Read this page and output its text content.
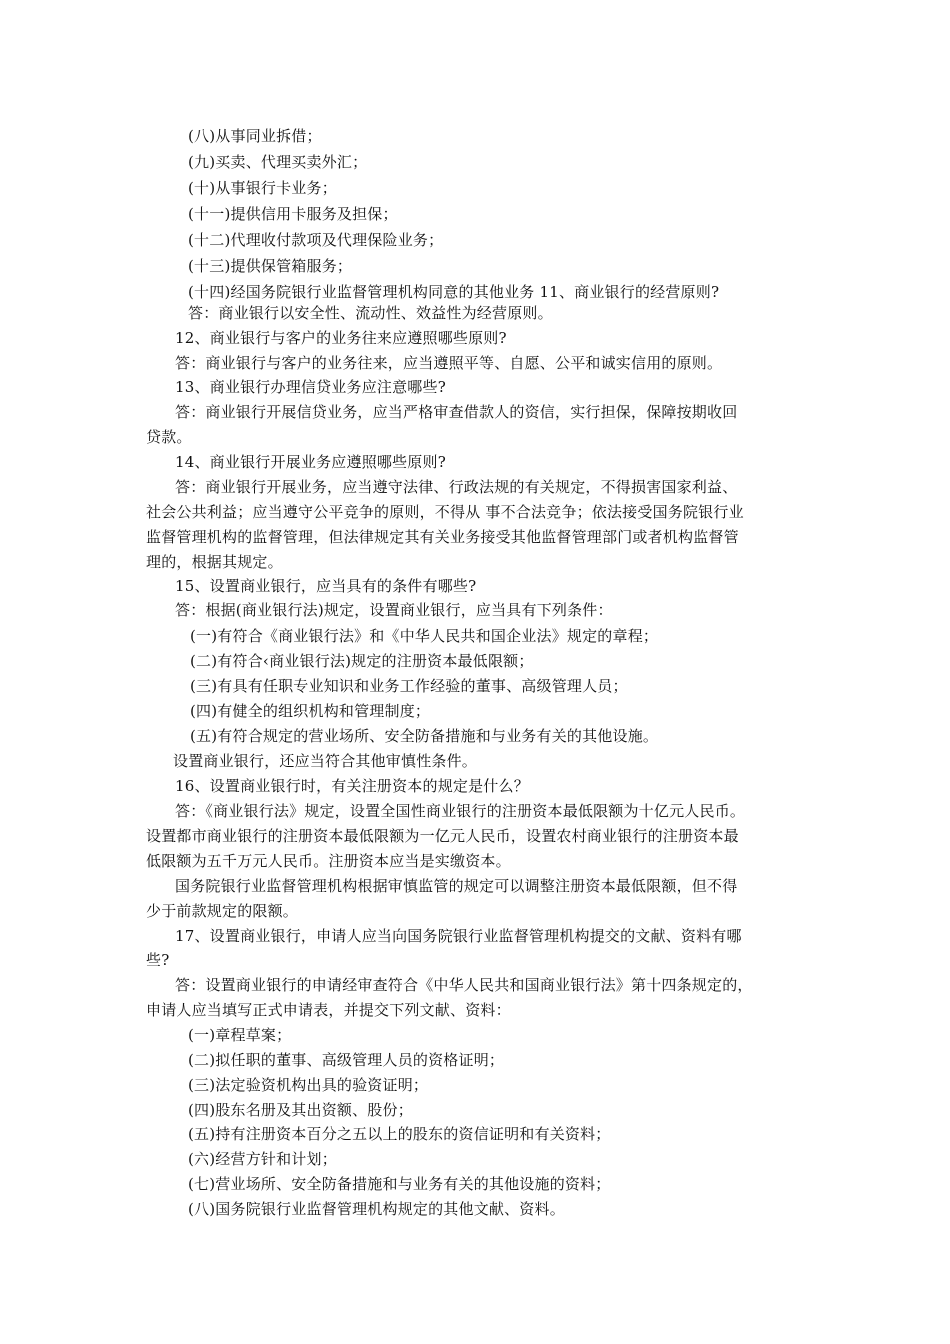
(八)从事同业拆借；
(九)买卖、代理买卖外汇；
(十)从事银行卡业务；
(十一)提供信用卡服务及担保；
(十二)代理收付款项及代理保险业务；
(十三)提供保管箱服务；
(十四)经国务院银行业监督管理机构同意的其他业务 11、商业银行的经营原则?
答：商业银行以安全性、流动性、效益性为经营原则。
12、商业银行与客户的业务往来应遵照哪些原则?
答：商业银行与客户的业务往来，应当遵照平等、自愿、公平和诚实信用的原则。
13、商业银行办理信贷业务应注意哪些?
答：商业银行开展信贷业务，应当严格审查借款人的资信，实行担保，保障按期收回
贷款。
14、商业银行开展业务应遵照哪些原则?
答：商业银行开展业务，应当遵守法律、行政法规的有关规定，不得损害国家利益、
社会公共利益；应当遵守公平竞争的原则，不得从 事不合法竞争；依法接受国务院银行业
监督管理机构的监督管理，但法律规定其有关业务接受其他监督管理部门或者机构监督管
理的，根据其规定。
15、设置商业银行，应当具有的条件有哪些?
答：根据(商业银行法)规定，设置商业银行，应当具有下列条件：
(一)有符合《商业银行法》和《中华人民共和国企业法》规定的章程；
(二)有符合‹商业银行法)规定的注册资本最低限额；
(三)有具有任职专业知识和业务工作经验的董事、高级管理人员；
(四)有健全的组织机构和管理制度；
(五)有符合规定的营业场所、安全防备措施和与业务有关的其他设施。
设置商业银行，还应当符合其他审慎性条件。
16、设置商业银行时，有关注册资本的规定是什么？
答：《商业银行法》规定，设置全国性商业银行的注册资本最低限额为十亿元人民币。
设置都市商业银行的注册资本最低限额为一亿元人民币，设置农村商业银行的注册资本最
低限额为五千万元人民币。注册资本应当是实缴资本。
国务院银行业监督管理机构根据审慎监管的规定可以调整注册资本最低限额，但不得
少于前款规定的限额。
17、设置商业银行，申请人应当向国务院银行业监督管理机构提交的文献、资料有哪
些?
答：设置商业银行的申请经审查符合《中华人民共和国商业银行法》第十四条规定的，
申请人应当填写正式申请表，并提交下列文献、资料：
(一)章程草案；
(二)拟任职的董事、高级管理人员的资格证明；
(三)法定验资机构出具的验资证明；
(四)股东名册及其出资额、股份；
(五)持有注册资本百分之五以上的股东的资信证明和有关资料；
(六)经营方针和计划；
(七)营业场所、安全防备措施和与业务有关的其他设施的资料；
(八)国务院银行业监督管理机构规定的其他文献、资料。
